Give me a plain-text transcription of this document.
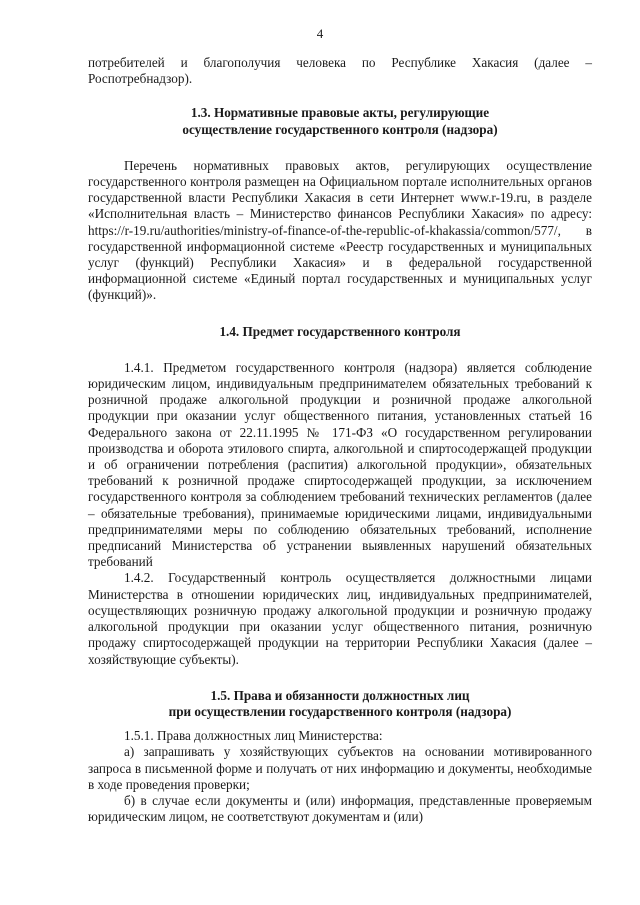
4

потребителей и благополучия человека по Республике Хакасия (далее – Роспотребнадзор).

1.3. Нормативные правовые акты, регулирующие

осуществление государственного контроля (надзора)

Перечень нормативных правовых актов, регулирующих осуществление государственного контроля размещен на Официальном портале исполнительных органов государственной власти Республики Хакасия в сети Интернет www.r-19.ru, в разделе «Исполнительная власть – Министерство финансов Республики Хакасия» по адресу: https://r-19.ru/authorities/ministry-of-finance-of-the-republic-of-khakassia/common/577/, в государственной информационной системе «Реестр государственных и муниципальных услуг (функций) Республики Хакасия» и в федеральной государственной информационной системе «Единый портал государственных и муниципальных услуг (функций)».

1.4. Предмет государственного контроля

1.4.1. Предметом государственного контроля (надзора) является соблюдение юридическим лицом, индивидуальным предпринимателем обязательных требований к розничной продаже алкогольной продукции и розничной продаже алкогольной продукции при оказании услуг общественного питания, установленных статьей 16 Федерального закона от 22.11.1995 № 171-ФЗ «О государственном регулировании производства и оборота этилового спирта, алкогольной и спиртосодержащей продукции и об ограничении потребления (распития) алкогольной продукции», обязательных требований к розничной продаже спиртосодержащей продукции, за исключением государственного контроля за соблюдением требований технических регламентов (далее – обязательные требования), принимаемые юридическими лицами, индивидуальными предпринимателями меры по соблюдению обязательных требований, исполнение предписаний Министерства об устранении выявленных нарушений обязательных требований

1.4.2. Государственный контроль осуществляется должностными лицами Министерства в отношении юридических лиц, индивидуальных предпринимателей, осуществляющих розничную продажу алкогольной продукции и розничную продажу алкогольной продукции при оказании услуг общественного питания, розничную продажу спиртосодержащей продукции на территории Республики Хакасия (далее – хозяйствующие субъекты).

1.5. Права и обязанности должностных лиц

при осуществлении государственного контроля (надзора)

1.5.1. Права должностных лиц Министерства:

а) запрашивать у хозяйствующих субъектов на основании мотивированного запроса в письменной форме и получать от них информацию и документы, необходимые в ходе проведения проверки;

б) в случае если документы и (или) информация, представленные проверяемым юридическим лицом, не соответствуют документам и (или)
